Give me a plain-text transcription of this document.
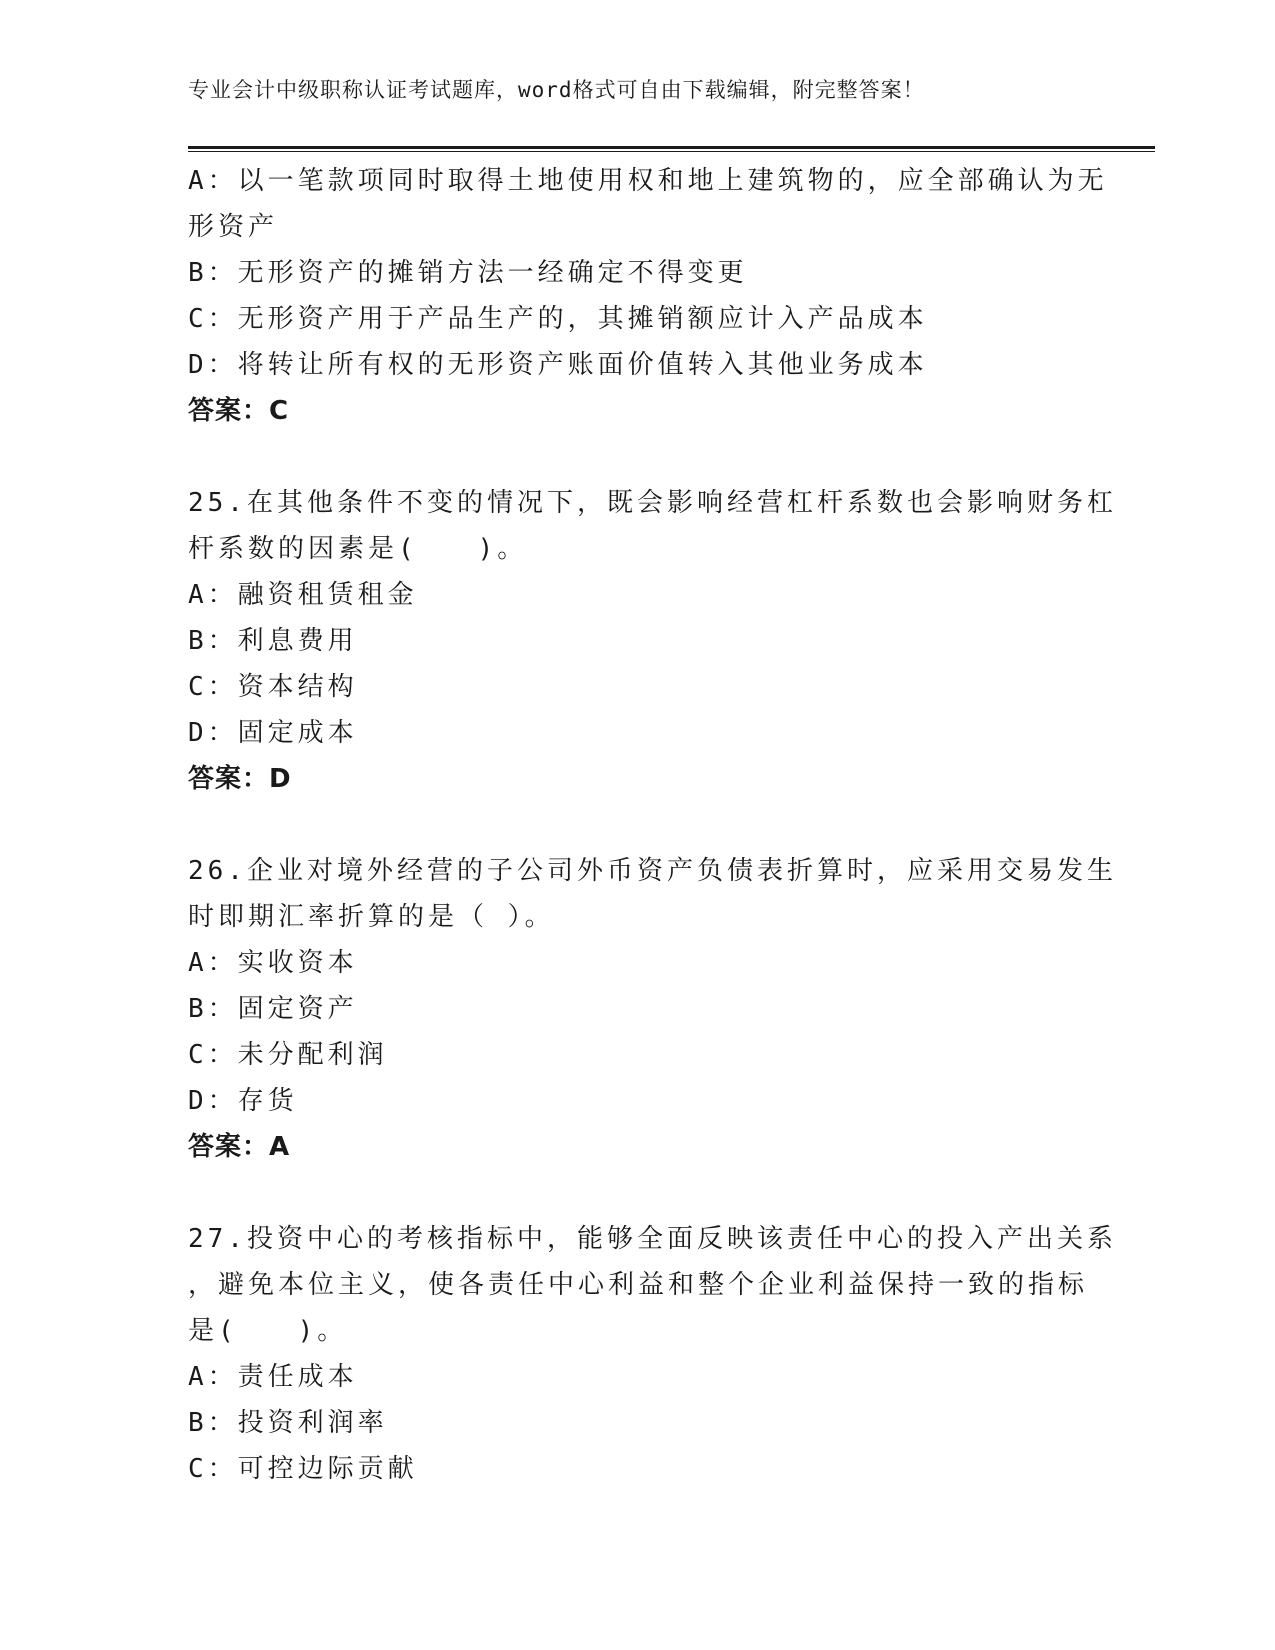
专业会计中级职称认证考试题库，word格式可自由下载编辑，附完整答案！
A：以一笔款项同时取得土地使用权和地上建筑物的，应全部确认为无
形资产
B：无形资产的摊销方法一经确定不得变更
C：无形资产用于产品生产的，其摊销额应计入产品成本
D：将转让所有权的无形资产账面价值转入其他业务成本
答案：C
25.在其他条件不变的情况下，既会影响经营杠杆系数也会影响财务杠
杆系数的因素是(　　)。
A：融资租赁租金
B：利息费用
C：资本结构
D：固定成本
答案：D
26.企业对境外经营的子公司外币资产负债表折算时，应采用交易发生
时即期汇率折算的是（ ）。
A：实收资本
B：固定资产
C：未分配利润
D：存货
答案：A
27.投资中心的考核指标中，能够全面反映该责任中心的投入产出关系
，避免本位主义，使各责任中心利益和整个企业利益保持一致的指标
是(　　)。
A：责任成本
B：投资利润率
C：可控边际贡献
